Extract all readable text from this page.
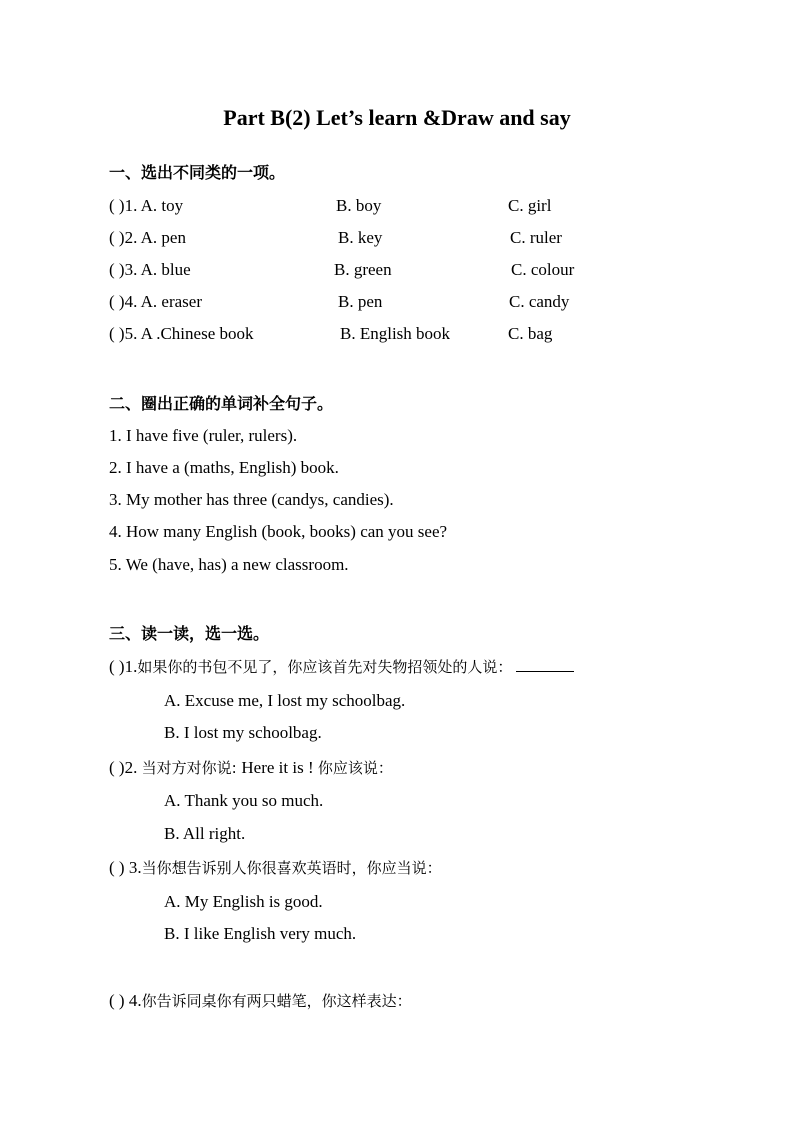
Part B(2) Let’s learn &Draw and say
一、选出不同类的一项。
( )1. A. toy	B. boy	C. girl
( )2. A. pen	B. key	C. ruler
( )3. A. blue	B. green	C. colour
( )4. A. eraser	B. pen	C. candy
( )5. A .Chinese book	B. English book	C. bag
二、圈出正确的单词补全句子。
1. I have five (ruler, rulers).
2. I have a (maths, English) book.
3. My mother has three (candys, candies).
4. How many English (book, books) can you see?
5. We (have, has) a new classroom.
三、读一读，选一选。
( )1.如果你的书包不见了，你应该首先对失物招领处的人说：
A. Excuse me, I lost my schoolbag.
B. I lost my schoolbag.
( )2. 当对方对你说: Here it is ! 你应该说：
A. Thank you so much.
B. All right.
( ) 3.当你想告诉别人你很喜欢英语时，你应当说：
A. My English is good.
B. I like English very much.
( ) 4.你告诉同桌你有两只蜡笔，你这样表达：
